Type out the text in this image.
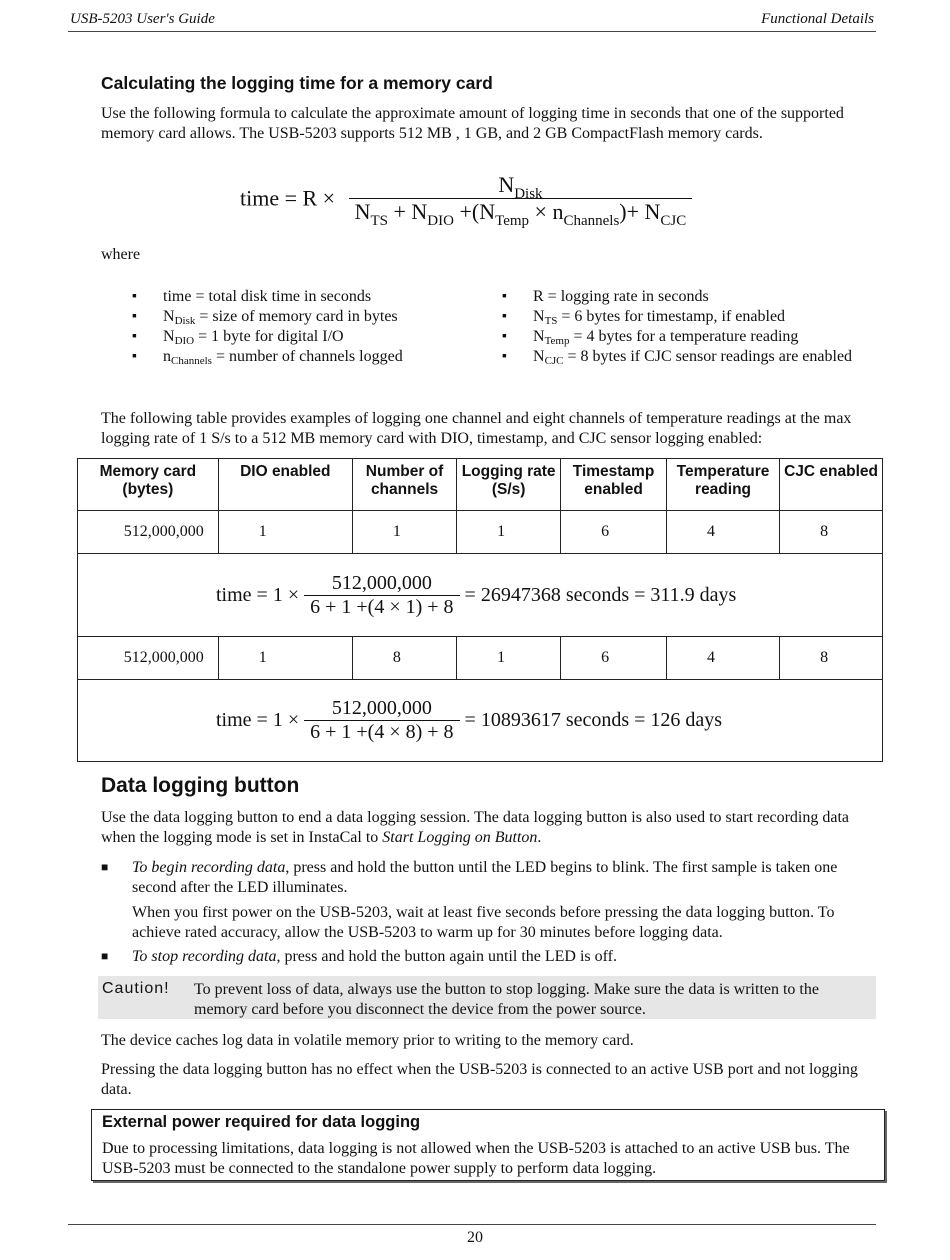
USB-5203 User's Guide	Functional Details
Calculating the logging time for a memory card
Use the following formula to calculate the approximate amount of logging time in seconds that one of the supported memory card allows. The USB-5203 supports 512 MB , 1 GB, and 2 GB CompactFlash memory cards.
time = $R \times \frac{N_{Disk}}{N_{TS} + N_{DIO} +(N_{Temp} \times n_{Channels})+ N_{CJC}}$
where
▪ time = total disk time in seconds
▪ $N_{Disk}$ = size of memory card in bytes
▪ $N_{DIO} = 1$ byte for digital I/O
▪ $n_{Channels}$ = number of channels logged
▪ R = logging rate in seconds
▪ $N_{TS} = 6$ bytes for timestamp, if enabled
▪ $N_{Temp} = 4$ bytes for a temperature reading
▪ $N_{CJC} = 8$ bytes if CJC sensor readings are enabled
The following table provides examples of logging one channel and eight channels of temperature readings at the max logging rate of 1 S/s to a 512 MB memory card with DIO, timestamp, and CJC sensor logging enabled:
Memory card (bytes)	DIO enabled	Number of channels	Logging rate (S/s)	Timestamp enabled	Temperature reading	CJC enabled
512,000,000	1	1	1	6	4	8
time = $1 \times \frac{512,000,000}{6 + 1 +(4 \times 1) + 8} = 26947368$ seconds = 311.9 days						
512,000,000	1	8	1	6	4	8
time = $1 \times \frac{512,000,000}{6 + 1 +(4 \times 8) + 8} = 10893617$ seconds = 126 days						
Data logging button
Use the data logging button to end a data logging session. The data logging button is also used to start recording data when the logging mode is set in InstaCal to Start Logging on Button.
■ To begin recording data, press and hold the button until the LED begins to blink. The first sample is taken one second after the LED illuminates.
When you first power on the USB-5203, wait at least five seconds before pressing the data logging button. To achieve rated accuracy, allow the USB-5203 to warm up for 30 minutes before logging data.
■ To stop recording data, press and hold the button again until the LED is off.
Caution! To prevent loss of data, always use the button to stop logging. Make sure the data is written to the memory card before you disconnect the device from the power source.
The device caches log data in volatile memory prior to writing to the memory card.
Pressing the data logging button has no effect when the USB-5203 is connected to an active USB port and not logging data.
External power required for data logging
Due to processing limitations, data logging is not allowed when the USB-5203 is attached to an active USB bus. The USB-5203 must be connected to the standalone power supply to perform data logging.
20
